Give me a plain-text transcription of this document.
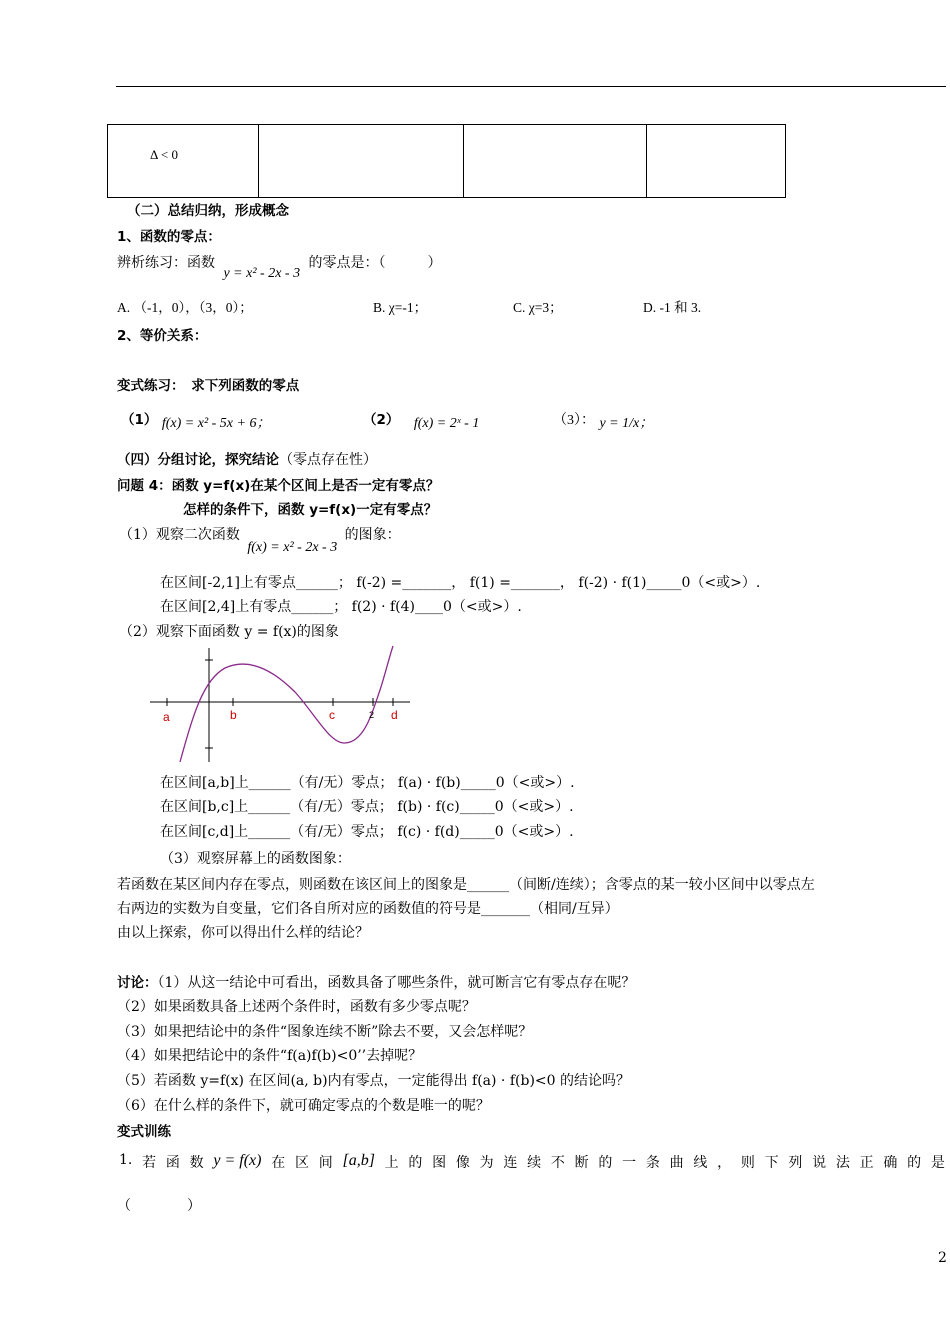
Δ < 0

（二）总结归纳，形成概念
1、函数的零点：
辨析练习：函数 y = x² - 2x - 3 的零点是：（　　　）
A. （-1，0），（3，0）；	B. χ=-1；	C. χ=3；	D. -1 和 3.
2、等价关系：
变式练习：　求下列函数的零点
（1） f(x) = x² - 5x + 6；	（2） f(x) = 2ˣ - 1	（3）： y = 1/x；
（四）分组讨论，探究结论（零点存在性）
问题 4：函数 y=f(x)在某个区间上是否一定有零点？
怎样的条件下，函数 y=f(x)一定有零点？
（1）观察二次函数 f(x) = x² - 2x - 3 的图象：
在区间[-2,1]上有零点______； f(-2) =_______， f(1) =_______， f(-2) · f(1)_____0（<或>）.
在区间[2,4]上有零点______； f(2) · f(4)____0（<或>）.
（2）观察下面函数 y = f(x)的图象
a	b	c	2 d
在区间[a,b]上______（有/无）零点； f(a) · f(b)_____0（<或>）.
在区间[b,c]上______（有/无）零点； f(b) · f(c)_____0（<或>）.
在区间[c,d]上______（有/无）零点； f(c) · f(d)_____0（<或>）.
（3）观察屏幕上的函数图象：
若函数在某区间内存在零点，则函数在该区间上的图象是______（间断/连续）；含零点的某一较小区间中以零点左
右两边的实数为自变量，它们各自所对应的函数值的符号是_______（相同/互异）
由以上探索，你可以得出什么样的结论？
讨论：（1）从这一结论中可看出，函数具备了哪些条件，就可断言它有零点存在呢？
（2）如果函数具备上述两个条件时，函数有多少零点呢？
（3）如果把结论中的条件“图象连续不断”除去不要，又会怎样呢？
（4）如果把结论中的条件“f(a)f(b)<0’’去掉呢？
（5）若函数 y=f(x) 在区间(a, b)内有零点，一定能得出 f(a) · f(b)<0 的结论吗？
（6）在什么样的条件下，就可确定零点的个数是唯一的呢？
变式训练
1. 若 函 数 y = f(x) 在 区 间 [a,b] 上 的 图 像 为 连 续 不 断 的 一 条 曲 线 ， 则 下 列 说 法 正 确 的 是
（　　　　）
2
